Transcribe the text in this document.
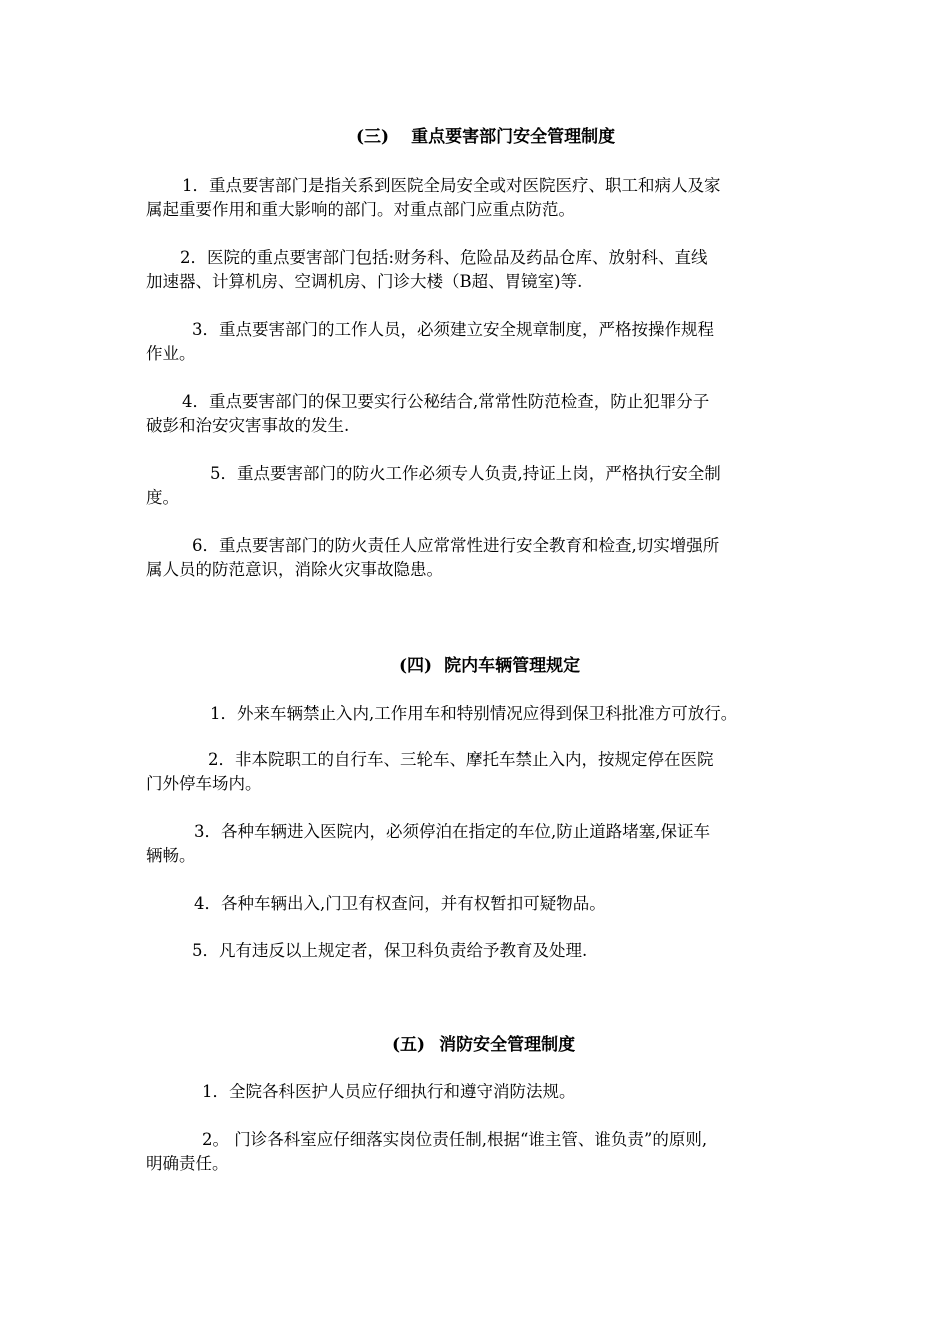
(三) 重点要害部门安全管理制度
1．重点要害部门是指关系到医院全局安全或对医院医疗、职工和病人及家
属起重要作用和重大影响的部门。对重点部门应重点防范。
2．医院的重点要害部门包括:财务科、危险品及药品仓库、放射科、直线
加速器、计算机房、空调机房、门诊大楼（B超、胃镜室)等.
3．重点要害部门的工作人员，必须建立安全规章制度，严格按操作规程
作业。
4．重点要害部门的保卫要实行公秘结合,常常性防范检查，防止犯罪分子
破彭和治安灾害事故的发生.
5．重点要害部门的防火工作必须专人负责,持证上岗，严格执行安全制
度。
6．重点要害部门的防火责任人应常常性进行安全教育和检查,切实增强所
属人员的防范意识，消除火灾事故隐患。
(四) 院内车辆管理规定
1．外来车辆禁止入内,工作用车和特别情况应得到保卫科批准方可放行。
2．非本院职工的自行车、三轮车、摩托车禁止入内，按规定停在医院
门外停车场内。
3．各种车辆进入医院内，必须停泊在指定的车位,防止道路堵塞,保证车
辆畅。
4．各种车辆出入,门卫有权查问，并有权暂扣可疑物品。
5．凡有违反以上规定者，保卫科负责给予教育及处理.
(五) 消防安全管理制度
1．全院各科医护人员应仔细执行和遵守消防法规。
2。 门诊各科室应仔细落实岗位责任制,根据“谁主管、谁负责”的原则,
明确责任。
